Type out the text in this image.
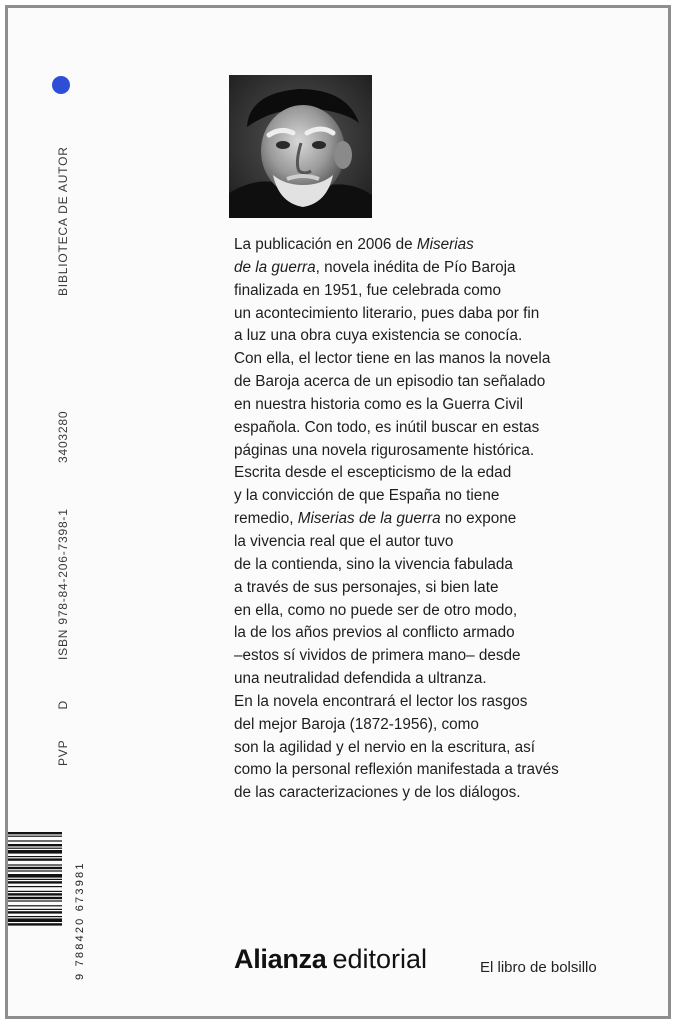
BIBLIOTECA DE AUTOR
3403280
ISBN 978-84-206-7398-1
PVP  D
La publicación en 2006 de Miserias
de la guerra, novela inédita de Pío Baroja
finalizada en 1951, fue celebrada como
un acontecimiento literario, pues daba por fin
a luz una obra cuya existencia se conocía.
Con ella, el lector tiene en las manos la novela
de Baroja acerca de un episodio tan señalado
en nuestra historia como es la Guerra Civil
española. Con todo, es inútil buscar en estas
páginas una novela rigurosamente histórica.
Escrita desde el escepticismo de la edad
y la convicción de que España no tiene
remedio, Miserias de la guerra no expone
la vivencia real que el autor tuvo
de la contienda, sino la vivencia fabulada
a través de sus personajes, si bien late
en ella, como no puede ser de otro modo,
la de los años previos al conflicto armado
–estos sí vividos de primera mano– desde
una neutralidad defendida a ultranza.
En la novela encontrará el lector los rasgos
del mejor Baroja (1872-1956), como
son la agilidad y el nervio en la escritura, así
como la personal reflexión manifestada a través
de las caracterizaciones y de los diálogos.
9 788420 673981	Alianza editorial	El libro de bolsillo
